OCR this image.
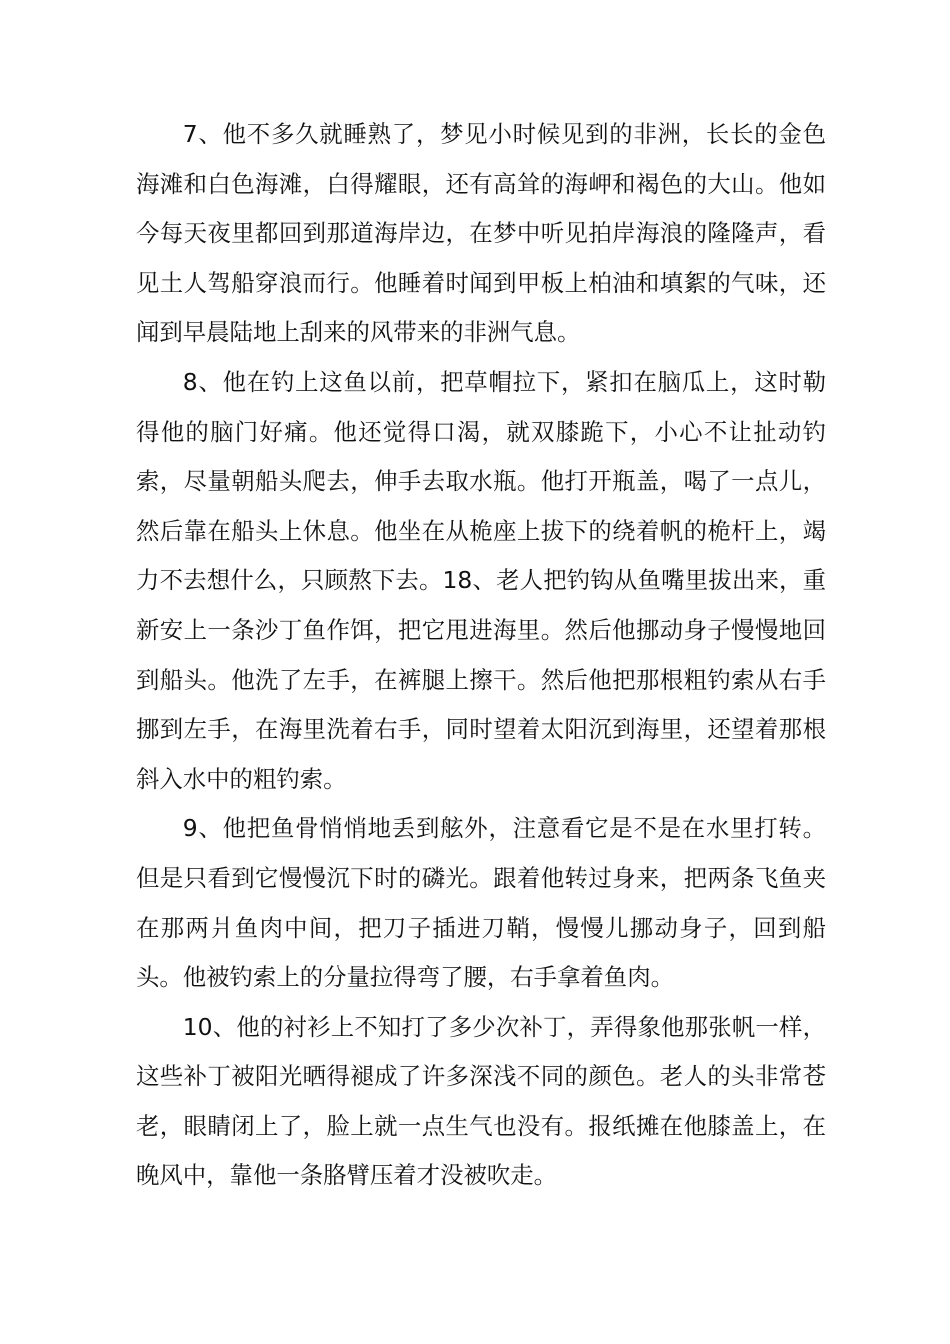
7、他不多久就睡熟了，梦见小时候见到的非洲，长长的金色海滩和白色海滩，白得耀眼，还有高耸的海岬和褐色的大山。他如今每天夜里都回到那道海岸边，在梦中听见拍岸海浪的隆隆声，看见土人驾船穿浪而行。他睡着时闻到甲板上柏油和填絮的气味，还闻到早晨陆地上刮来的风带来的非洲气息。

8、他在钓上这鱼以前，把草帽拉下，紧扣在脑瓜上，这时勒得他的脑门好痛。他还觉得口渴，就双膝跪下，小心不让扯动钓索，尽量朝船头爬去，伸手去取水瓶。他打开瓶盖，喝了一点儿，然后靠在船头上休息。他坐在从桅座上拔下的绕着帆的桅杆上，竭力不去想什么，只顾熬下去。18、老人把钓钩从鱼嘴里拔出来，重新安上一条沙丁鱼作饵，把它甩进海里。然后他挪动身子慢慢地回到船头。他洗了左手，在裤腿上擦干。然后他把那根粗钓索从右手挪到左手，在海里洗着右手，同时望着太阳沉到海里，还望着那根斜入水中的粗钓索。

9、他把鱼骨悄悄地丢到舷外，注意看它是不是在水里打转。但是只看到它慢慢沉下时的磷光。跟着他转过身来，把两条飞鱼夹在那两爿鱼肉中间，把刀子插进刀鞘，慢慢儿挪动身子，回到船头。他被钓索上的分量拉得弯了腰，右手拿着鱼肉。

10、他的衬衫上不知打了多少次补丁，弄得象他那张帆一样，这些补丁被阳光晒得褪成了许多深浅不同的颜色。老人的头非常苍老，眼睛闭上了，脸上就一点生气也没有。报纸摊在他膝盖上，在晚风中，靠他一条胳臂压着才没被吹走。
